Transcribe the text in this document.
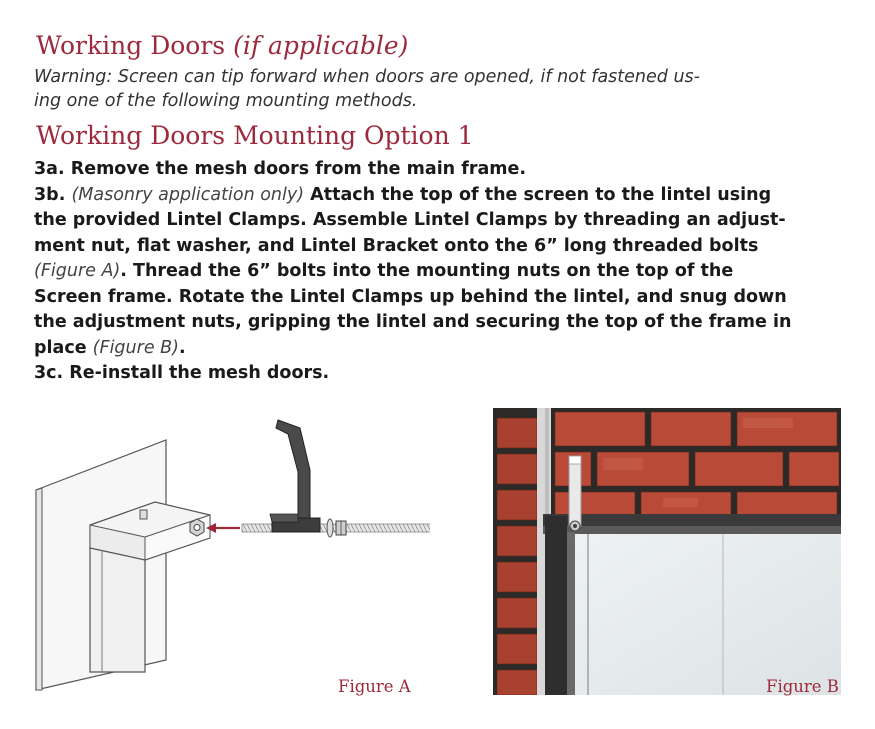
Working Doors (if applicable)
Warning: Screen can tip forward when doors are opened, if not fastened us-
ing one of the following mounting methods.
Working Doors Mounting Option 1
3a. Remove the mesh doors from the main frame.
3b. (Masonry application only) Attach the top of the screen to the lintel using
the provided Lintel Clamps. Assemble Lintel Clamps by threading an adjust-
ment nut, flat washer, and Lintel Bracket onto the 6” long threaded bolts
(Figure A). Thread the 6” bolts into the mounting nuts on the top of the
Screen frame. Rotate the Lintel Clamps up behind the lintel, and snug down
the adjustment nuts, gripping the lintel and securing the top of the frame in
place (Figure B).
3c. Re-install the mesh doors.
Figure A	Figure B
